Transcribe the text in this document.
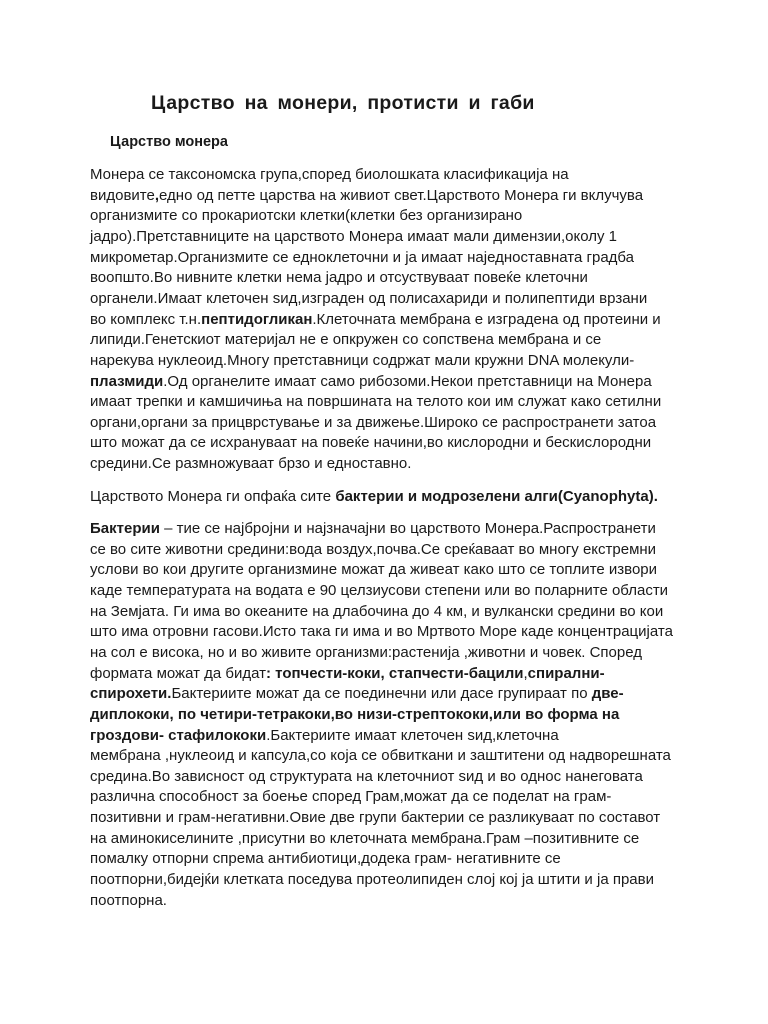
Царство на монери, протисти и габи
Царство монера
Монера се таксономска група,според биолошката класификација на
видовите,едно од петте царства на живиот свет.Царството Монера ги вклучува
организмите со прокариотски клетки(клетки без организирано
јадро).Претставниците на царството Монера имаат мали димензии,околу 1
микрометар.Организмите се едноклеточни и ја имаат наједноставната градба
воопшто.Во нивните клетки нема јадро и отсуствуваат повеќе клеточни
органели.Имаат клеточен sид,изграден од полисахариди и полипептиди врзани
во комплекс т.н.пептидогликан.Клеточната мембрана е изградена од протеини и
липиди.Генетскиот материјал не е опкружен со сопствена мембрана и се
нарекува нуклеоид.Многу претставници содржат мали кружни DNA молекули-
плазмиди.Од органелите имаат само рибозоми.Некои претставници на Монера
имаат трепки и камшичиња на површината на телото кои им служат како сетилни
органи,органи за прицврстување и за движење.Широко се распространети затоа
што можат да се исхрануваат на повеќе начини,во кислородни и бескислородни
средини.Се размножуваат брзо и едноставно.
Царството Монера ги опфаќа сите бактерии и модрозелени алги(Cyanophyta).
Бактерии – тие се најбројни и најзначајни во царството Монера.Распространети
се во сите животни средини:вода воздух,почва.Се среќаваат во многу екстремни
услови во кои другите организмине можат да живеат како што се топлите извори
каде температурата на водата е 90 целзиусови степени или во поларните области
на Земјата. Ги има во океаните на длабочина до 4 км, и вулкански средини во кои
што има отровни гасови.Исто така ги има и во Мртвото Море каде концентрацијата
на сол е висока, но и во живите организми:растенија ,животни и човек. Според
формата можат да бидат: топчести-коки, стапчести-бацили,спирални-
спирохети.Бактериите можат да се поединечни или дасе групираат по две-
диплококи, по четири-тетракоки,во низи-стрептококи,или во форма на
гроздови- стафилококи.Бактериите имаат клеточен sид,клеточна
мембрана ,нуклеоид и капсула,со која се обвиткани и заштитени од надворешната
средина.Во зависност од структурата на клеточниот sид и во однос нанеговата
различна способност за боење според Грам,можат да се поделат на грам-
позитивни и грам-негативни.Овие две групи бактерии се разликуваат по составот
на аминокиселините ,присутни во клеточната мембрана.Грам –позитивните се
помалку отпорни спрема антибиотици,додека грам- негативните се
поотпорни,бидејќи клетката поседува протеолипиден слој кој ја штити и ја прави
поотпорна.
